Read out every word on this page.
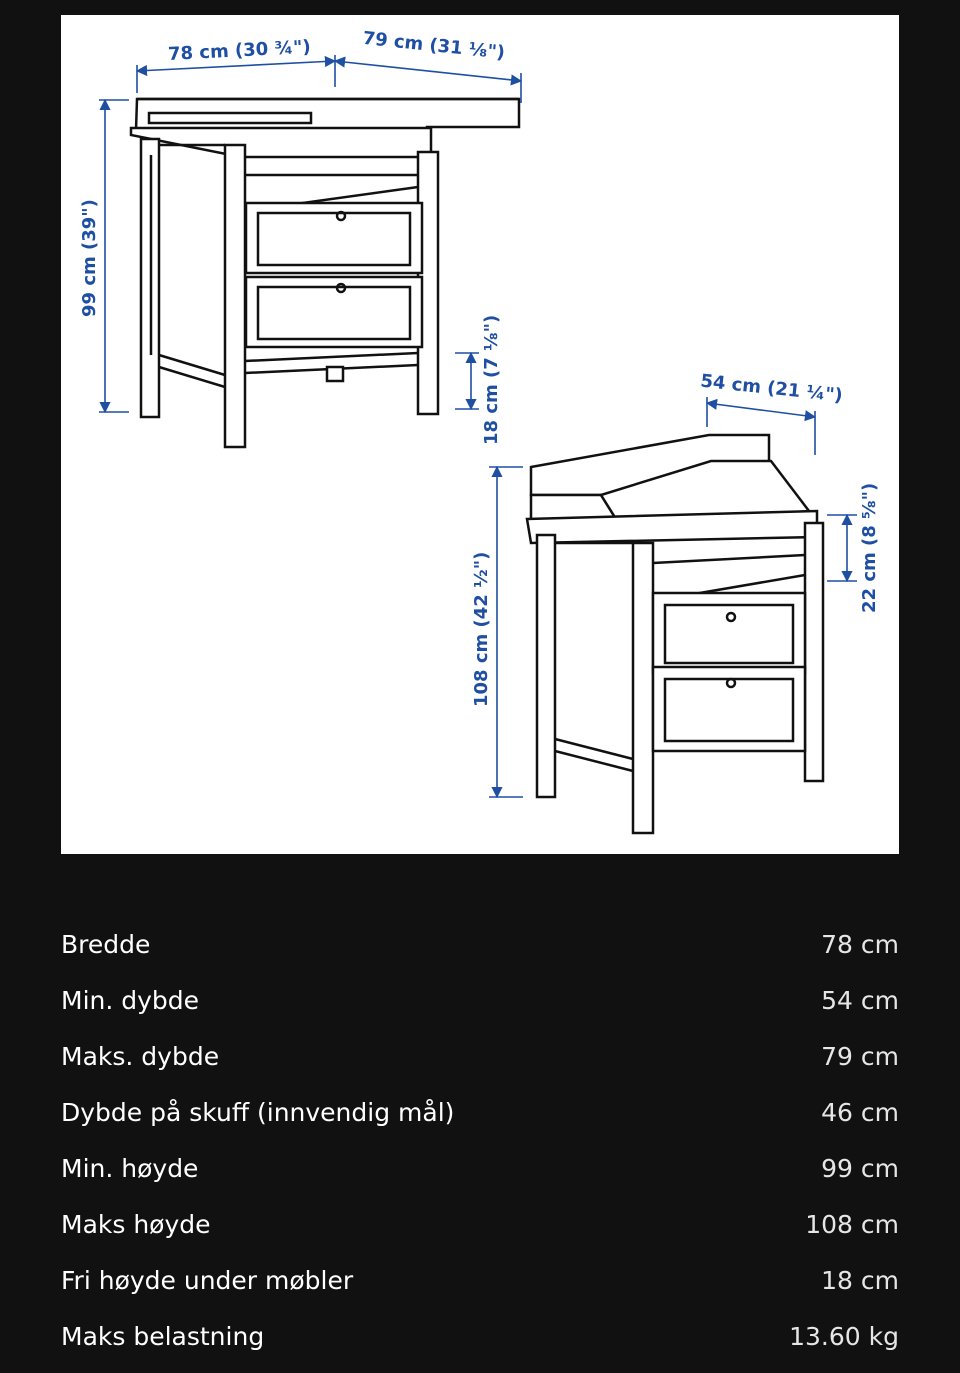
78 cm (30 ¾")	79 cm (31 ⅛")
99 cm (39")
18 cm (7 ⅛")	54 cm (21 ¼")
108 cm (42 ½")
22 cm (8 ⅝")
Bredde	78 cm
Min. dybde	54 cm
Maks. dybde	79 cm
Dybde på skuff (innvendig mål)	46 cm
Min. høyde	99 cm
Maks høyde	108 cm
Fri høyde under møbler	18 cm
Maks belastning	13.60 kg
